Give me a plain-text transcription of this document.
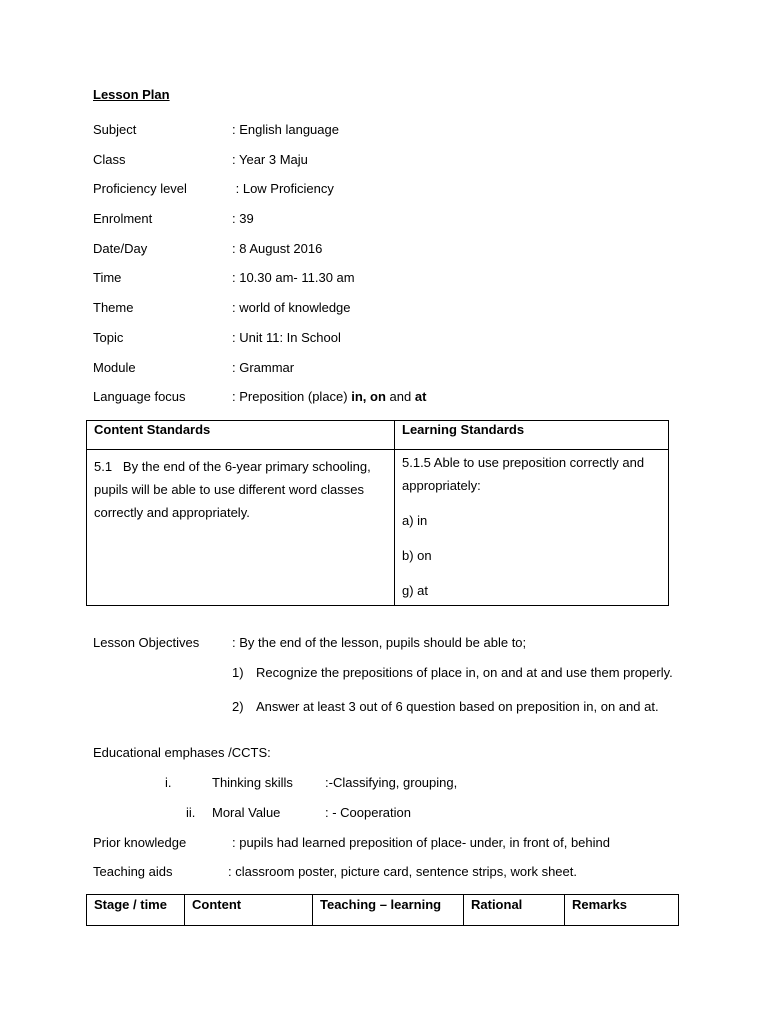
Lesson Plan
Subject	: English language
Class	: Year 3 Maju
Proficiency level	: Low Proficiency
Enrolment	: 39
Date/Day	: 8 August 2016
Time	: 10.30 am- 11.30 am
Theme	: world of knowledge
Topic	: Unit 11: In School
Module	: Grammar
Language focus	: Preposition (place) in, on and at
Content Standards	Learning Standards

5.1   By the end of the 6-year primary schooling, pupils will be able to use different word classes correctly and appropriately.	5.1.5 Able to use preposition correctly and
appropriately:
a) in
b) on
g) at
Lesson Objectives	: By the end of the lesson, pupils should be able to;
1) Recognize the prepositions of place in, on and at and use them properly.
2) Answer at least 3 out of 6 question based on preposition in, on and at.
Educational emphases /CCTS:
i.	Thinking skills :-Classifying, grouping,
ii. Moral Value	: - Cooperation
Prior knowledge	: pupils had learned preposition of place- under, in front of, behind
Teaching aids	: classroom poster, picture card, sentence strips, work sheet.
Stage / time	Content	Teaching – learning	Rational	Remarks
